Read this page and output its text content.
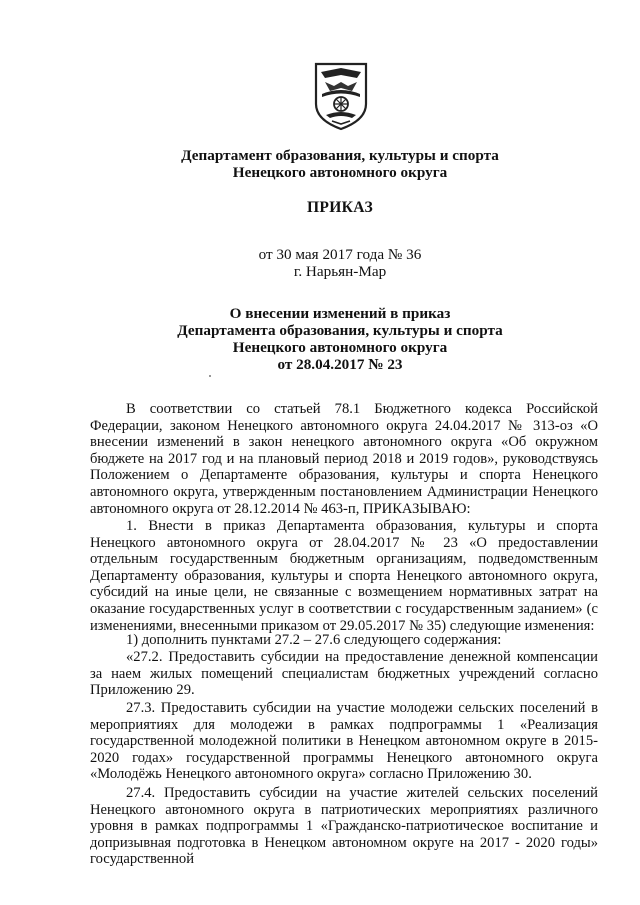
Департамент образования, культуры и спорта
Ненецкого автономного округа
ПРИКАЗ
от 30 мая 2017 года № 36
г. Нарьян-Мар
О внесении изменений в приказ
Департамента образования, культуры и спорта
Ненецкого автономного округа
от 28.04.2017 № 23
В соответствии со статьей 78.1 Бюджетного кодекса Российской Федерации, законом Ненецкого автономного округа 24.04.2017 № 313-оз «О внесении изменений в закон ненецкого автономного округа «Об окружном бюджете на 2017 год и на плановый период 2018 и 2019 годов», руководствуясь Положением о Департаменте образования, культуры и спорта Ненецкого автономного округа, утвержденным постановлением Администрации Ненецкого автономного округа от 28.12.2014 № 463-п, ПРИКАЗЫВАЮ:
1. Внести в приказ Департамента образования, культуры и спорта Ненецкого автономного округа от 28.04.2017 № 23 «О предоставлении отдельным государственным бюджетным организациям, подведомственным Департаменту образования, культуры и спорта Ненецкого автономного округа, субсидий на иные цели, не связанные с возмещением нормативных затрат на оказание государственных услуг в соответствии с государственным заданием» (с изменениями, внесенными приказом от 29.05.2017 № 35) следующие изменения:
1) дополнить пунктами 27.2 – 27.6 следующего содержания:
«27.2. Предоставить субсидии на предоставление денежной компенсации за наем жилых помещений специалистам бюджетных учреждений согласно Приложению 29.
27.3. Предоставить субсидии на участие молодежи сельских поселений в мероприятиях для молодежи в рамках подпрограммы 1 «Реализация государственной молодежной политики в Ненецком автономном округе в 2015-2020 годах» государственной программы Ненецкого автономного округа «Молодёжь Ненецкого автономного округа» согласно Приложению 30.
27.4. Предоставить субсидии на участие жителей сельских поселений Ненецкого автономного округа в патриотических мероприятиях различного уровня в рамках подпрограммы 1 «Гражданско-патриотическое воспитание и допризывная подготовка в Ненецком автономном округе на 2017 - 2020 годы» государственной
